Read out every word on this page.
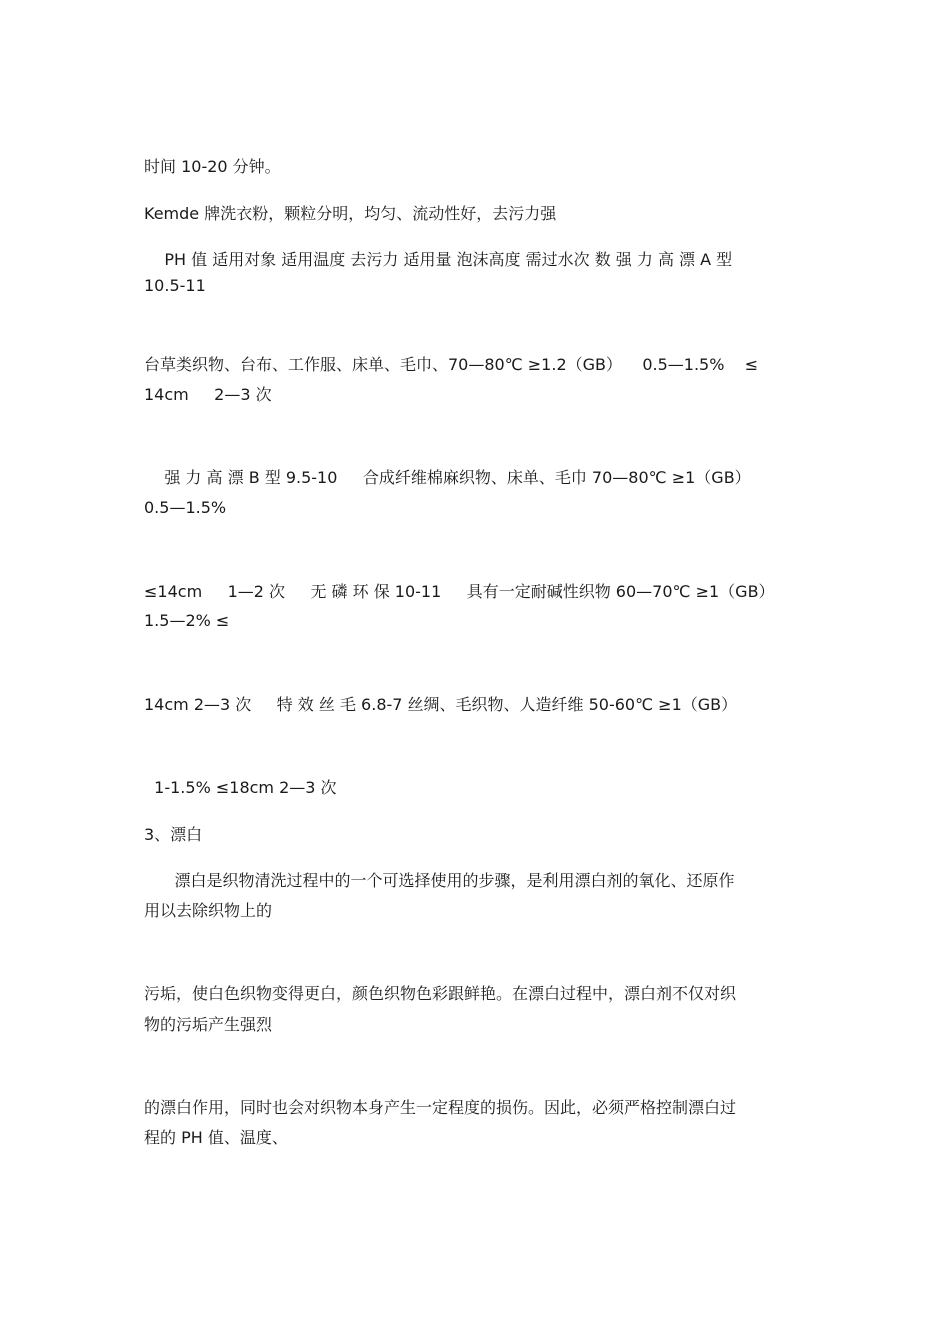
时间 10-20 分钟。
Kemde 牌洗衣粉，颗粒分明，均匀、流动性好，去污力强
PH 值 适用对象 适用温度 去污力 适用量 泡沫高度 需过水次 数 强 力 高 漂 A 型
10.5-11
台草类织物、台布、工作服、床单、毛巾、70—80℃ ≥1.2（GB）    0.5—1.5%    ≤
14cm     2—3 次
强 力 高 漂 B 型 9.5-10     合成纤维棉麻织物、床单、毛巾 70—80℃ ≥1（GB）
0.5—1.5%
≤14cm     1—2 次     无 磷 环 保 10-11     具有一定耐碱性织物 60—70℃ ≥1（GB）
1.5—2% ≤
14cm 2—3 次     特 效 丝 毛 6.8-7 丝绸、毛织物、人造纤维 50-60℃ ≥1（GB）
1-1.5% ≤18cm 2—3 次
3、漂白
漂白是织物清洗过程中的一个可选择使用的步骤，是利用漂白剂的氧化、还原作
用以去除织物上的
污垢，使白色织物变得更白，颜色织物色彩跟鲜艳。在漂白过程中，漂白剂不仅对织
物的污垢产生强烈
的漂白作用，同时也会对织物本身产生一定程度的损伤。因此，必须严格控制漂白过
程的 PH 值、温度、
